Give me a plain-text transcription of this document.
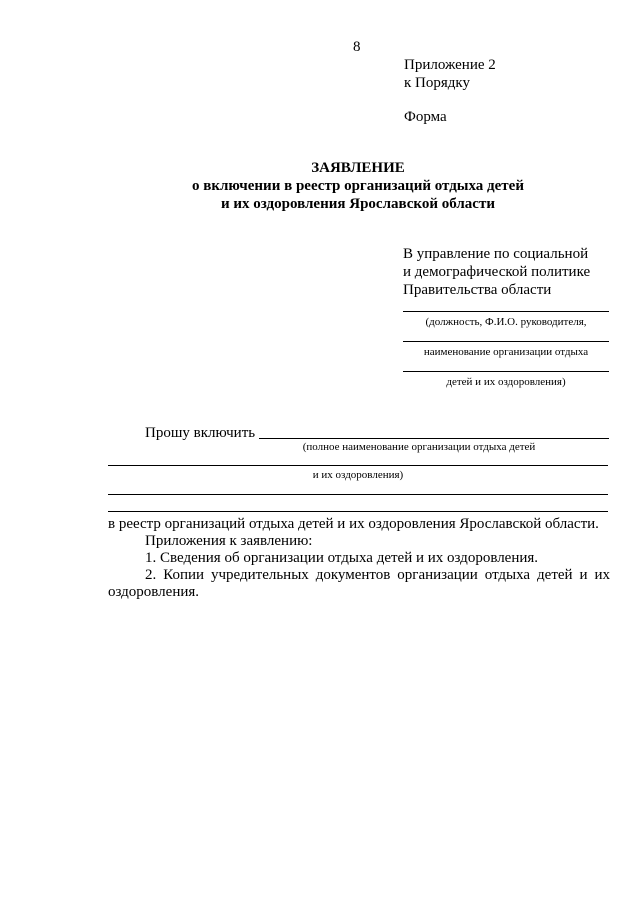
8
Приложение 2
к Порядку
Форма
ЗАЯВЛЕНИЕ
о включении в реестр организаций отдыха детей
и их оздоровления Ярославской области
В управление по социальной
и демографической политике
Правительства области
(должность, Ф.И.О. руководителя,
наименование организации отдыха
детей и их оздоровления)
Прошу включить
(полное наименование организации отдыха детей
и их оздоровления)
в реестр организаций отдыха детей и их оздоровления Ярославской области.
Приложения к заявлению:
1. Сведения об организации отдыха детей и их оздоровления.
2. Копии учредительных документов организации отдыха детей и их
оздоровления.
